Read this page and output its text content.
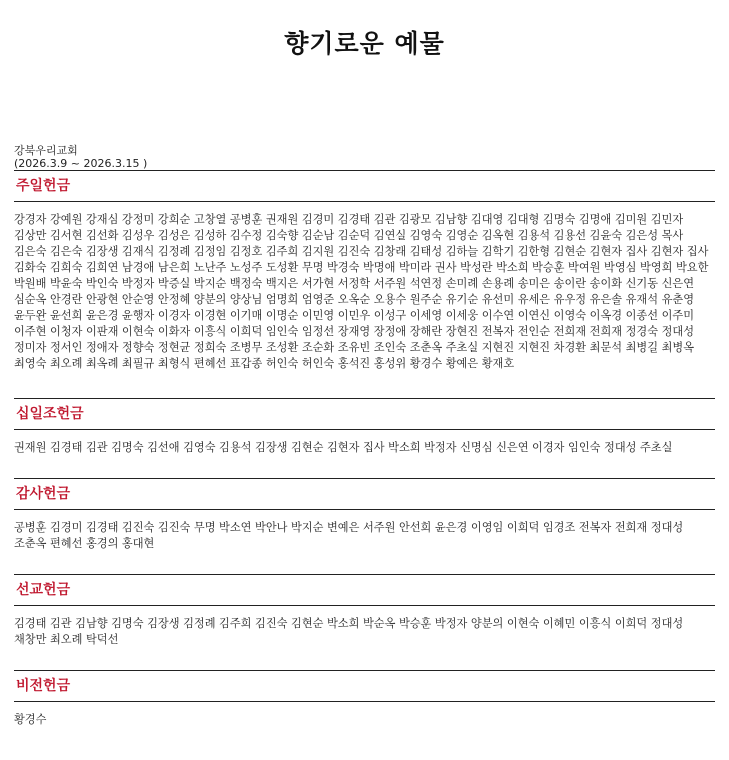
향기로운 예물
강북우리교회
(2026.3.9 ~ 2026.3.15 )
주일헌금
강경자 강예원 강재심 강정미 강희순 고창열 공병훈 권재원 김경미 김경태 김관 김광모 김남향 김대영 김대형 김명숙 김명애 김미원 김민자 김상만 김서현 김선화 김성우 김성은 김성하 김수정 김숙향 김순남 김순덕 김연실 김영숙 김영순 김옥현 김용석 김용선 김윤숙 김은성 목사 김은숙 김은숙 김장생 김재식 김정례 김정임 김정호 김주희 김지원 김진숙 김창래 김태성 김하늘 김학기 김한형 김현순 김현자 집사 김현자 집사 김화숙 김희숙 김희연 남경애 남은희 노난주 노성주 도성환 무명 박경숙 박명애 박미라 권사 박성란 박소희 박승훈 박여원 박영심 박영희 박요한 박원배 박윤숙 박인숙 박정자 박증실 박지순 백정숙 백지은 서가현 서정학 서주원 석연정 손미례 손용례 송미은 송이란 송이화 신기동 신은연 심순옥 안경란 안광현 안순영 안정혜 양분의 양상님 엄명희 엄영준 오옥순 오용수 원주순 유기순 유선미 유세은 유우정 유은솔 유재석 유춘영 윤두완 윤선희 윤은경 윤행자 이경자 이경현 이기매 이명순 이민영 이민우 이성구 이세영 이세웅 이수연 이연신 이영숙 이옥경 이종선 이주미 이주현 이청자 이판재 이현숙 이화자 이흥식 이희덕 임인숙 임정선 장재영 장정애 장해란 장현진 전복자 전인순 전희재 전희재 정경숙 정대성 정미자 정서인 정애자 정향숙 정현균 정희숙 조병무 조성환 조순화 조유빈 조인숙 조춘옥 주초실 지현진 지현진 차경환 최문석 최병길 최병옥 최영숙 최오례 최옥례 최필규 최형식 편혜선 표갑종 허인숙 허인숙 홍석진 홍성위 황경수 황예은 황재호
십일조헌금
권재원 김경태 김관 김명숙 김선애 김영숙 김용석 김장생 김현순 김현자 집사 박소희 박정자 신명심 신은연 이경자 임인숙 정대성 주초실
감사헌금
공병훈 김경미 김경태 김진숙 김진숙 무명 박소연 박안나 박지순 변예은 서주원 안선희 윤은경 이영임 이희덕 임경조 전복자 전희재 정대성 조춘옥 편혜선 홍경의 홍대현
선교헌금
김경태 김관 김남향 김명숙 김장생 김정례 김주희 김진숙 김현순 박소희 박순옥 박승훈 박정자 양분의 이현숙 이혜민 이흥식 이희덕 정대성 채창만 최오례 탁덕선
비전헌금
황경수
